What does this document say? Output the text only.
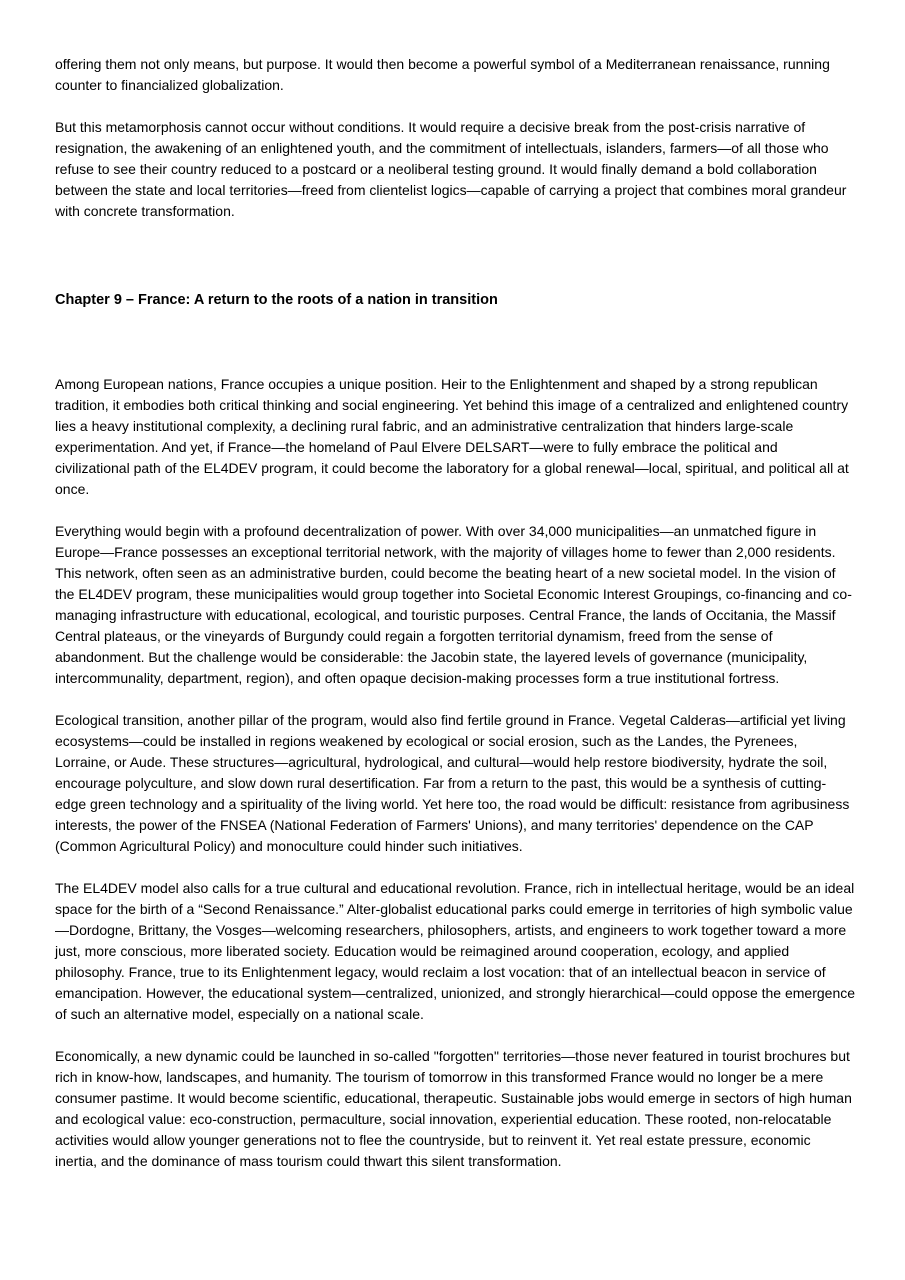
offering them not only means, but purpose. It would then become a powerful symbol of a Mediterranean renaissance, running counter to financialized globalization.

But this metamorphosis cannot occur without conditions. It would require a decisive break from the post-crisis narrative of resignation, the awakening of an enlightened youth, and the commitment of intellectuals, islanders, farmers—of all those who refuse to see their country reduced to a postcard or a neoliberal testing ground. It would finally demand a bold collaboration between the state and local territories—freed from clientelist logics—capable of carrying a project that combines moral grandeur with concrete transformation.

Chapter 9 – France: A return to the roots of a nation in transition

Among European nations, France occupies a unique position. Heir to the Enlightenment and shaped by a strong republican tradition, it embodies both critical thinking and social engineering. Yet behind this image of a centralized and enlightened country lies a heavy institutional complexity, a declining rural fabric, and an administrative centralization that hinders large-scale experimentation. And yet, if France—the homeland of Paul Elvere DELSART—were to fully embrace the political and civilizational path of the EL4DEV program, it could become the laboratory for a global renewal—local, spiritual, and political all at once.

Everything would begin with a profound decentralization of power. With over 34,000 municipalities—an unmatched figure in Europe—France possesses an exceptional territorial network, with the majority of villages home to fewer than 2,000 residents. This network, often seen as an administrative burden, could become the beating heart of a new societal model. In the vision of the EL4DEV program, these municipalities would group together into Societal Economic Interest Groupings, co-financing and co-managing infrastructure with educational, ecological, and touristic purposes. Central France, the lands of Occitania, the Massif Central plateaus, or the vineyards of Burgundy could regain a forgotten territorial dynamism, freed from the sense of abandonment. But the challenge would be considerable: the Jacobin state, the layered levels of governance (municipality, intercommunality, department, region), and often opaque decision-making processes form a true institutional fortress.

Ecological transition, another pillar of the program, would also find fertile ground in France. Vegetal Calderas—artificial yet living ecosystems—could be installed in regions weakened by ecological or social erosion, such as the Landes, the Pyrenees, Lorraine, or Aude. These structures—agricultural, hydrological, and cultural—would help restore biodiversity, hydrate the soil, encourage polyculture, and slow down rural desertification. Far from a return to the past, this would be a synthesis of cutting-edge green technology and a spirituality of the living world. Yet here too, the road would be difficult: resistance from agribusiness interests, the power of the FNSEA (National Federation of Farmers' Unions), and many territories' dependence on the CAP (Common Agricultural Policy) and monoculture could hinder such initiatives.

The EL4DEV model also calls for a true cultural and educational revolution. France, rich in intellectual heritage, would be an ideal space for the birth of a “Second Renaissance.” Alter-globalist educational parks could emerge in territories of high symbolic value—Dordogne, Brittany, the Vosges—welcoming researchers, philosophers, artists, and engineers to work together toward a more just, more conscious, more liberated society. Education would be reimagined around cooperation, ecology, and applied philosophy. France, true to its Enlightenment legacy, would reclaim a lost vocation: that of an intellectual beacon in service of emancipation. However, the educational system—centralized, unionized, and strongly hierarchical—could oppose the emergence of such an alternative model, especially on a national scale.

Economically, a new dynamic could be launched in so-called "forgotten" territories—those never featured in tourist brochures but rich in know-how, landscapes, and humanity. The tourism of tomorrow in this transformed France would no longer be a mere consumer pastime. It would become scientific, educational, therapeutic. Sustainable jobs would emerge in sectors of high human and ecological value: eco-construction, permaculture, social innovation, experiential education. These rooted, non-relocatable activities would allow younger generations not to flee the countryside, but to reinvent it. Yet real estate pressure, economic inertia, and the dominance of mass tourism could thwart this silent transformation.
